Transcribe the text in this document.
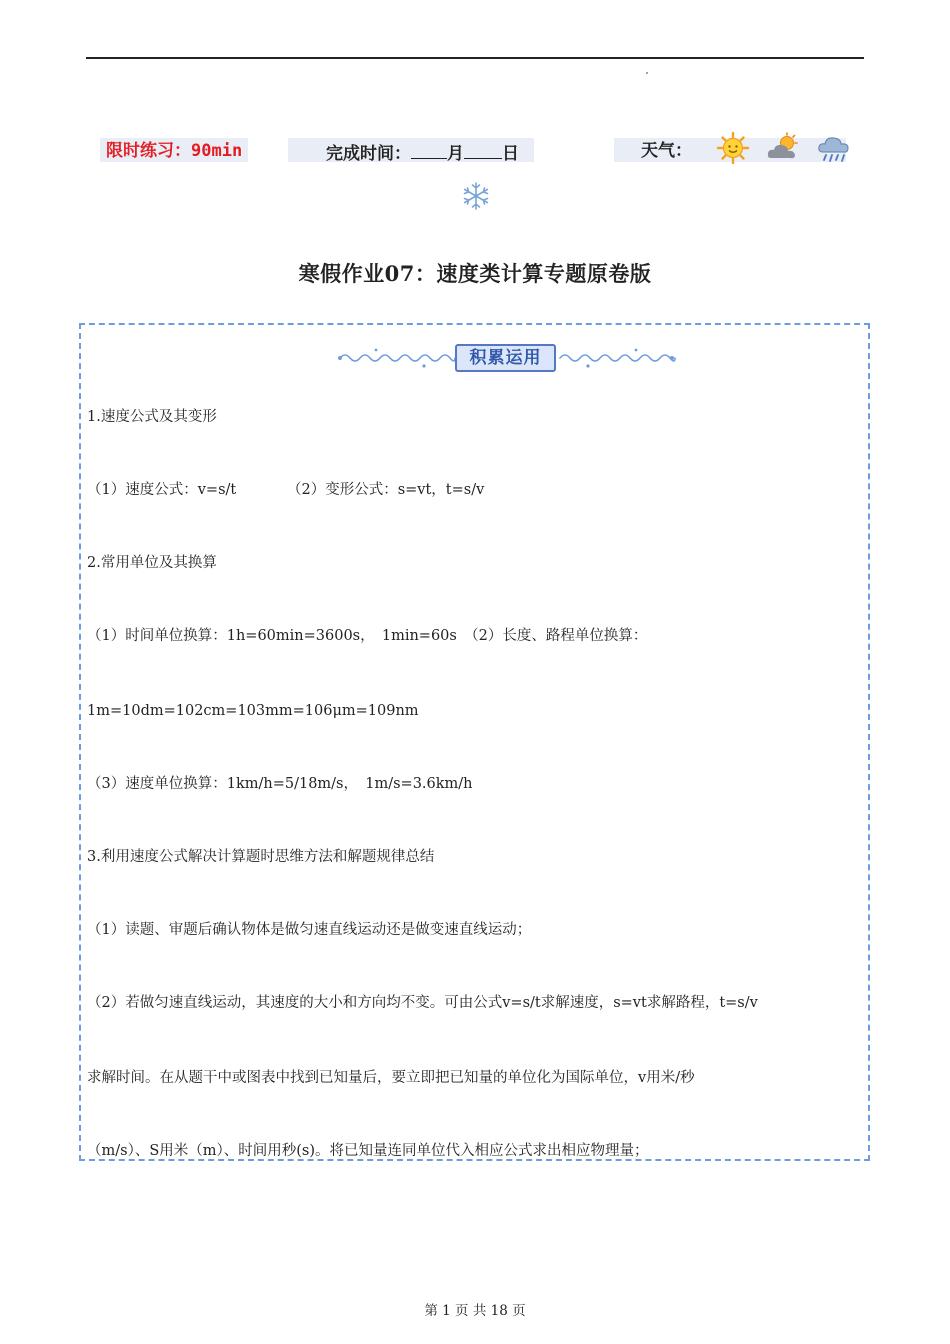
限时练习：90min	完成时间： 月 日	天气：
寒假作业07：速度类计算专题原卷版
积累运用
1.速度公式及其变形
（1）速度公式：v=s/t　　　　（2）变形公式：s=vt，t=s/v
2.常用单位及其换算
（1）时间单位换算：1h=60min=3600s，　1min=60s　（2）长度、路程单位换算：
1m=10dm=102cm=103mm=106μm=109nm
（3）速度单位换算：1km/h=5/18m/s，　1m/s=3.6km/h
3.利用速度公式解决计算题时思维方法和解题规律总结
（1）读题、审题后确认物体是做匀速直线运动还是做变速直线运动；
（2）若做匀速直线运动，其速度的大小和方向均不变。可由公式v=s/t求解速度，s=vt求解路程，t=s/v
求解时间。在从题干中或图表中找到已知量后，要立即把已知量的单位化为国际单位，v用米/秒
（m/s）、S用米（m）、时间用秒(s)。将已知量连同单位代入相应公式求出相应物理量；
第 1 页 共 18 页
